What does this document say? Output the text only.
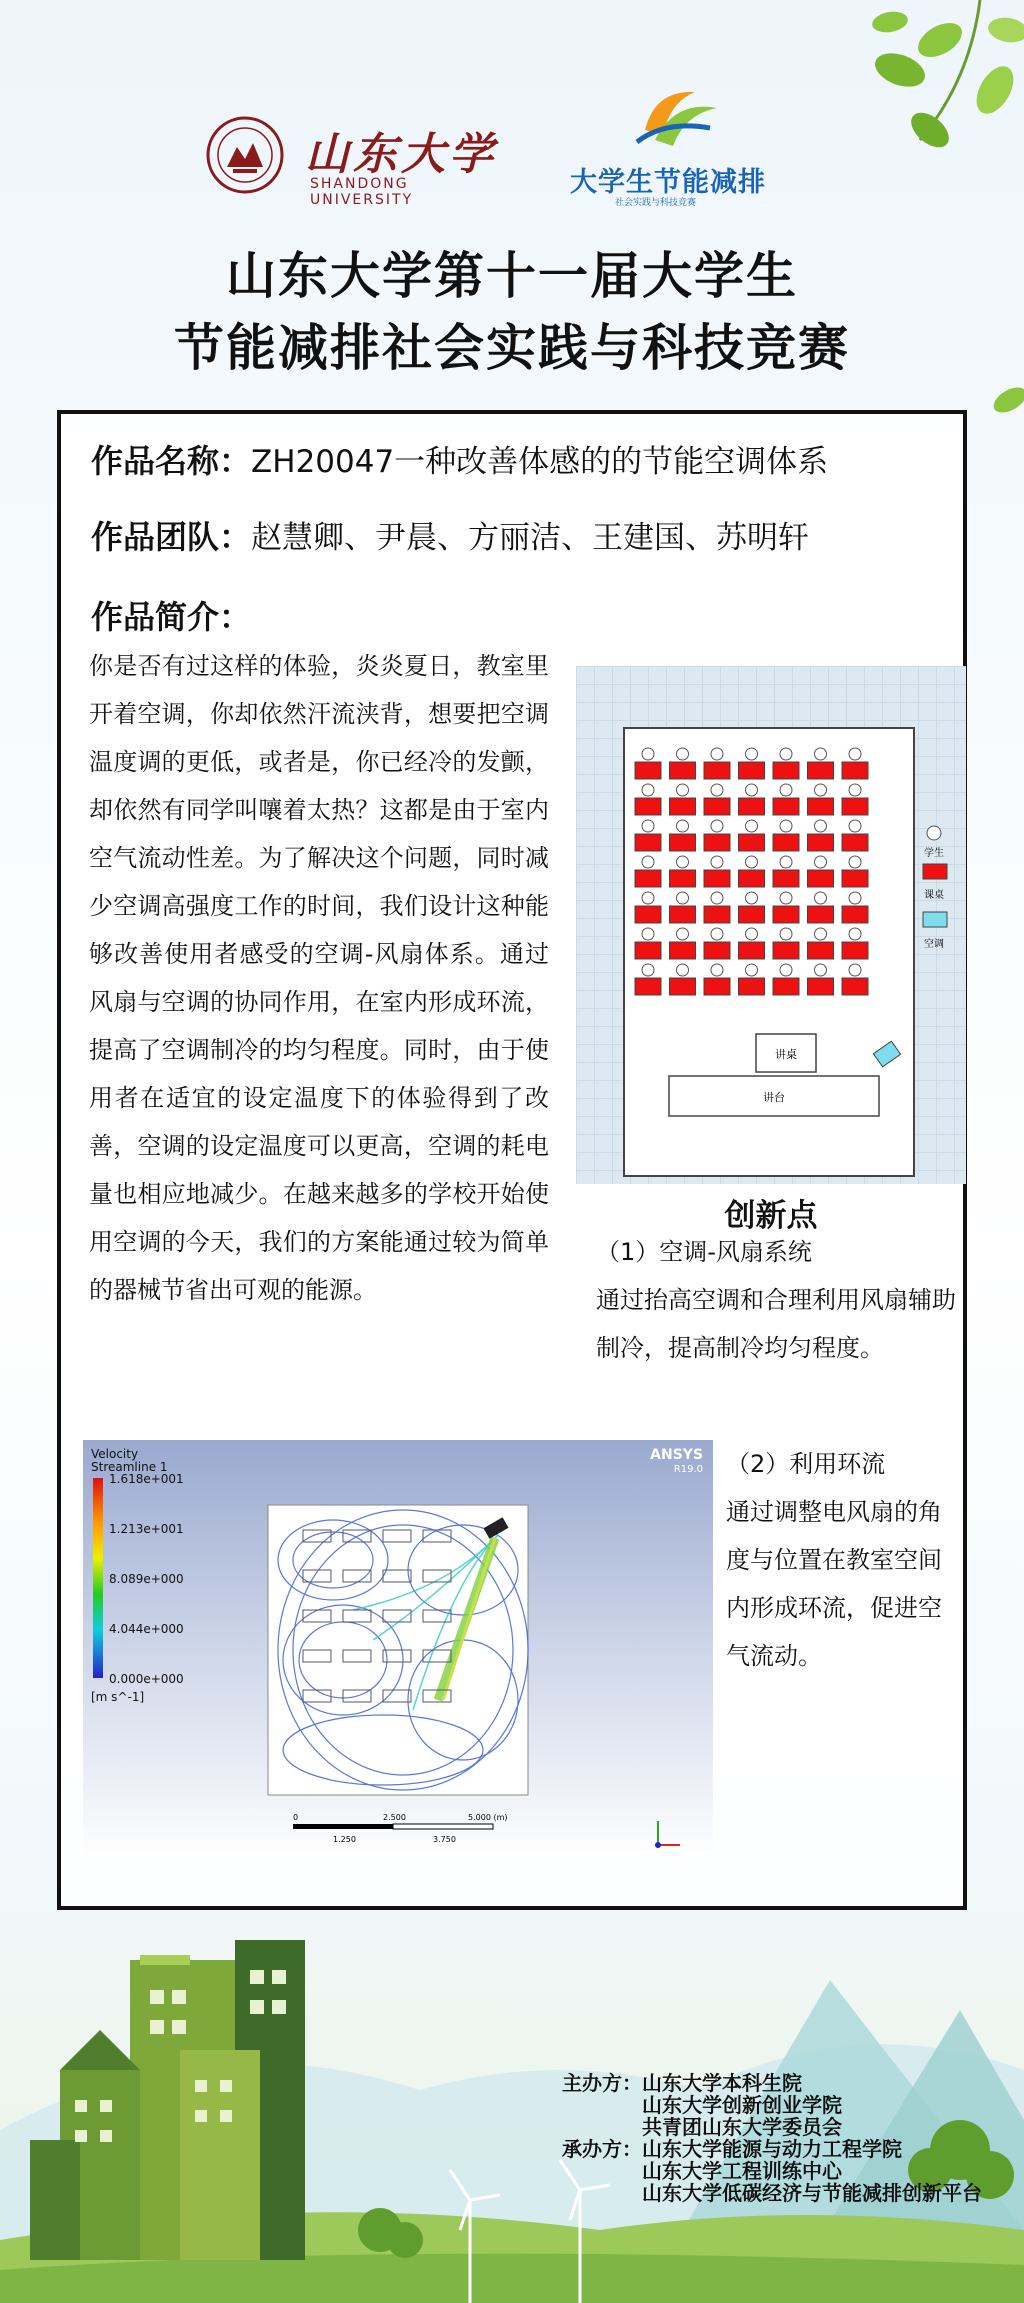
山东大学
SHANDONG UNIVERSITY
大学生节能减排
社会实践与科技竞赛
山东大学第十一届大学生
节能减排社会实践与科技竞赛
作品名称：ZH20047一种改善体感的的节能空调体系
作品团队：赵慧卿、尹晨、方丽洁、王建国、苏明轩
作品简介：
你是否有过这样的体验，炎炎夏日，教室里开着空调，你却依然汗流浃背，想要把空调温度调的更低，或者是，你已经冷的发颤，却依然有同学叫嚷着太热？这都是由于室内空气流动性差。为了解决这个问题，同时减少空调高强度工作的时间，我们设计这种能够改善使用者感受的空调-风扇体系。通过风扇与空调的协同作用，在室内形成环流，提高了空调制冷的均匀程度。同时，由于使用者在适宜的设定温度下的体验得到了改善，空调的设定温度可以更高，空调的耗电量也相应地减少。在越来越多的学校开始使用空调的今天，我们的方案能通过较为简单的器械节省出可观的能源。
讲桌
讲台
学生
课桌
空调
创新点
（1）空调-风扇系统
通过抬高空调和合理利用风扇辅助制冷，提高制冷均匀程度。
（2）利用环流
通过调整电风扇的角度与位置在教室空间内形成环流，促进空气流动。
Velocity
Streamline 1
1.618e+001
1.213e+001
8.089e+000
4.044e+000
0.000e+000
[m s^-1]
ANSYS
R19.0
0	2.500	5.000 (m)
1.250	3.750
主办方：山东大学本科生院
山东大学创新创业学院
共青团山东大学委员会
承办方：山东大学能源与动力工程学院
山东大学工程训练中心
山东大学低碳经济与节能减排创新平台
